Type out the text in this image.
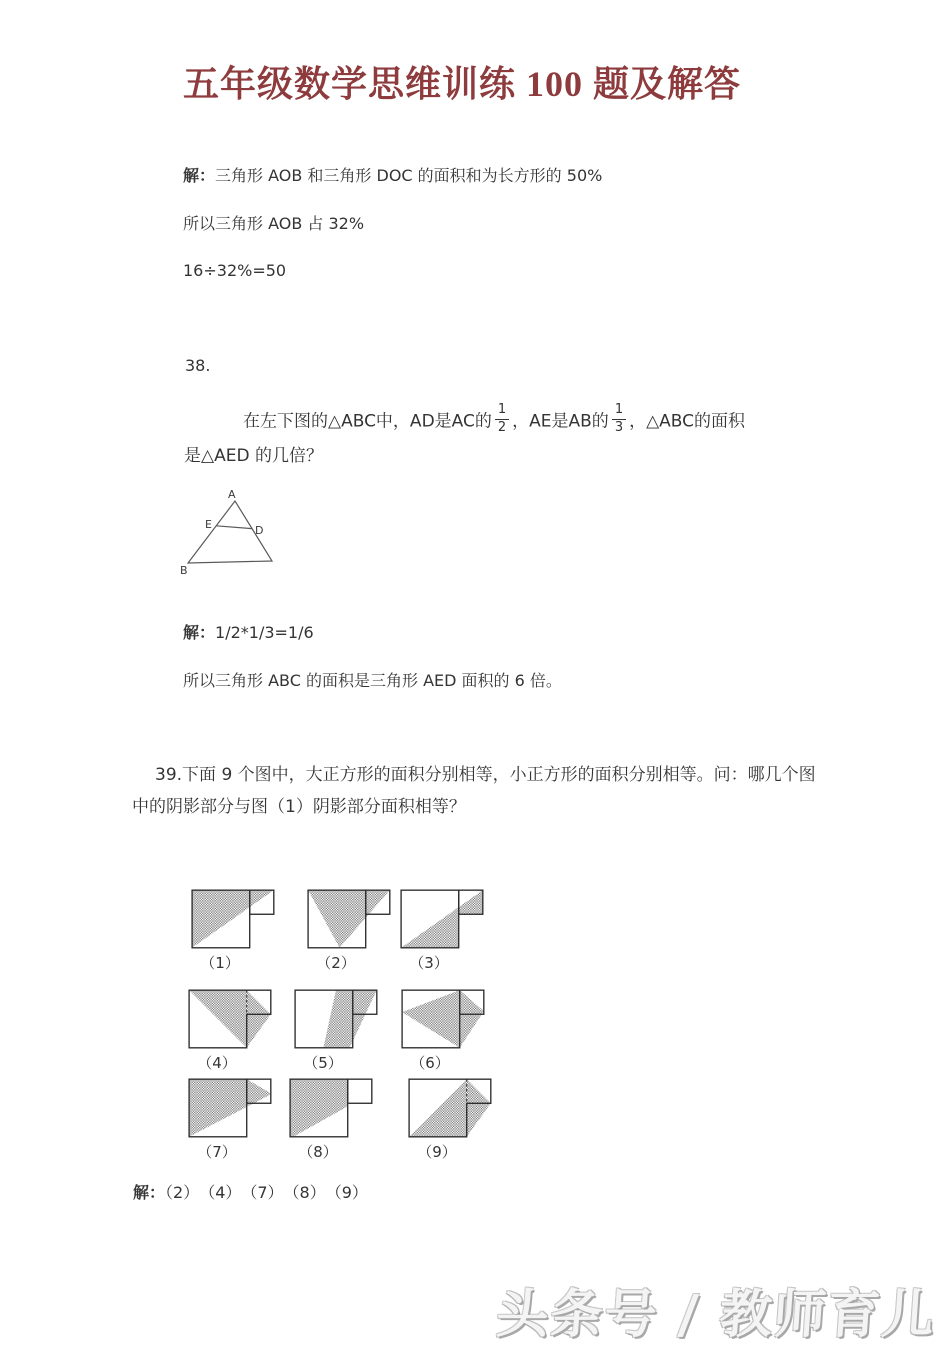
五年级数学思维训练 100 题及解答
解：三角形 AOB 和三角形 DOC 的面积和为长方形的 50%
所以三角形 AOB 占 32%
16÷32%=50
38.
在左下图的△ABC中，AD是AC的 $\frac{1}{2}$ ，AE是AB的 $\frac{1}{3}$ ，△ABC的面积
是△AED 的几倍？
A
E	D
B
解：1/2*1/3=1/6
所以三角形 ABC 的面积是三角形 AED 面积的 6 倍。
39.下面 9 个图中，大正方形的面积分别相等，小正方形的面积分别相等。问：哪几个图
中的阴影部分与图（1）阴影部分面积相等？
（1）	（2）	（3）
（4）	（5）	（6）
（7）	（8）	（9）
解：（2）　（4）　（7）　（8）　（9）
头条号 / 教师育儿
